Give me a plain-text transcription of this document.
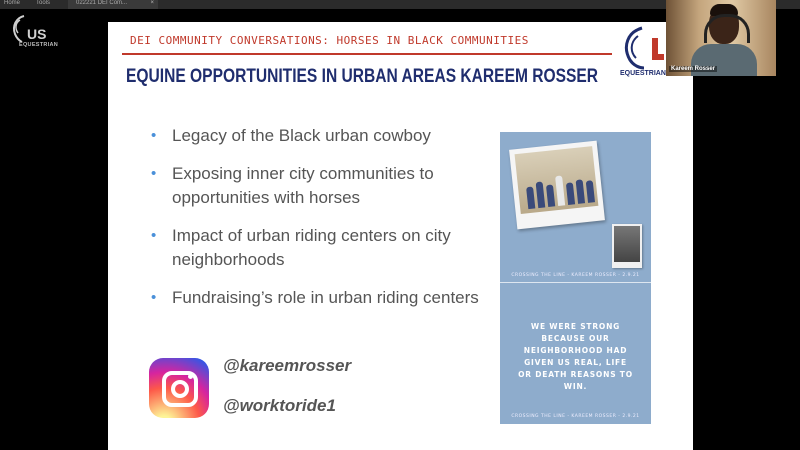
Home	Tools	022221 DEI Com...	×
US
EQUESTRIAN	DEI COMMUNITY CONVERSATIONS: HORSES IN BLACK COMMUNITIES
EQUINE OPPORTUNITIES IN URBAN AREAS KAREEM ROSSER
• Legacy of the Black urban cowboy
• Exposing inner city communities to opportunities with horses
• Impact of urban riding centers on city neighborhoods
• Fundraising’s role in urban riding centers
@kareemrosser
@worktoride1
CROSSING THE LINE - KAREEM ROSSER - 2.9.21
WE WERE STRONG BECAUSE OUR NEIGHBORHOOD HAD GIVEN US REAL, LIFE OR DEATH REASONS TO WIN.
CROSSING THE LINE - KAREEM ROSSER - 2.9.21
EQUESTRIAN
Kareem Rosser
